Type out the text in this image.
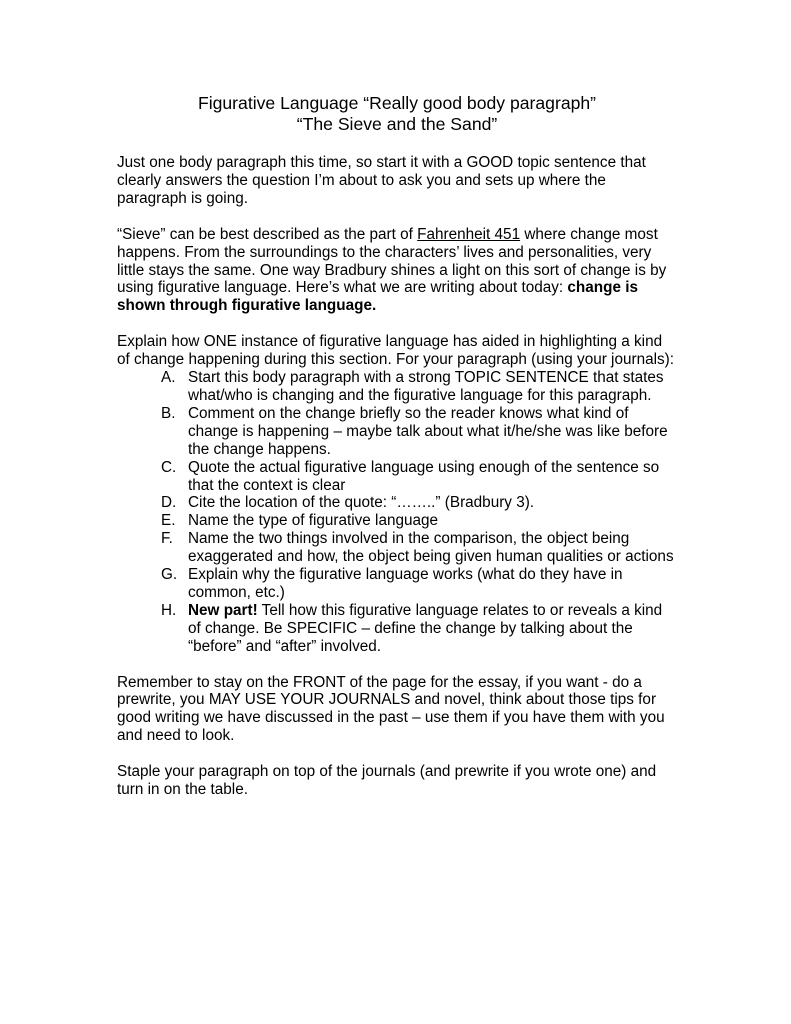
Figurative Language “Really good body paragraph”
“The Sieve and the Sand”

Just one body paragraph this time, so start it with a GOOD topic sentence that clearly answers the question I’m about to ask you and sets up where the paragraph is going.

“Sieve” can be best described as the part of Fahrenheit 451 where change most happens. From the surroundings to the characters’ lives and personalities, very little stays the same. One way Bradbury shines a light on this sort of change is by using figurative language. Here’s what we are writing about today: change is shown through figurative language.

Explain how ONE instance of figurative language has aided in highlighting a kind of change happening during this section. For your paragraph (using your journals):

A. Start this body paragraph with a strong TOPIC SENTENCE that states what/who is changing and the figurative language for this paragraph.
B. Comment on the change briefly so the reader knows what kind of change is happening – maybe talk about what it/he/she was like before the change happens.
C. Quote the actual figurative language using enough of the sentence so that the context is clear
D. Cite the location of the quote: “……..” (Bradbury 3).
E. Name the type of figurative language
F. Name the two things involved in the comparison, the object being exaggerated and how, the object being given human qualities or actions
G. Explain why the figurative language works (what do they have in common, etc.)
H. New part! Tell how this figurative language relates to or reveals a kind of change. Be SPECIFIC – define the change by talking about the “before” and “after” involved.

Remember to stay on the FRONT of the page for the essay, if you want - do a prewrite, you MAY USE YOUR JOURNALS and novel, think about those tips for good writing we have discussed in the past – use them if you have them with you and need to look.

Staple your paragraph on top of the journals (and prewrite if you wrote one) and turn in on the table.
